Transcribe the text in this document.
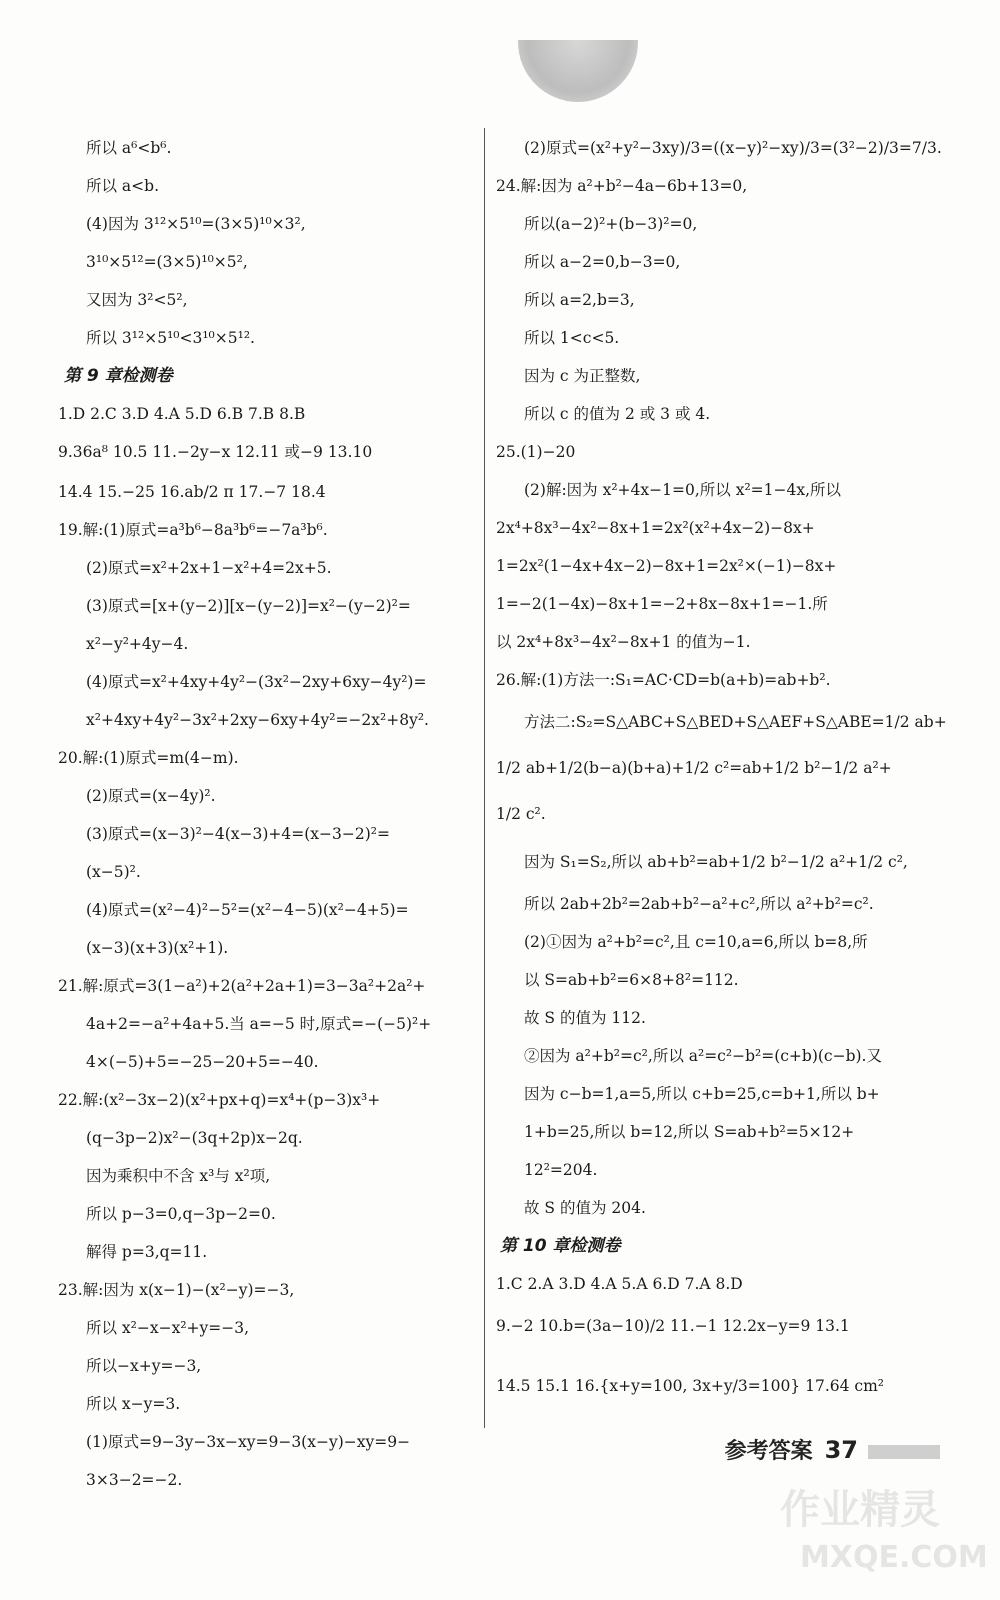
所以 a⁶<b⁶.
所以 a<b.
(4)因为 3¹²×5¹⁰=(3×5)¹⁰×3²,
3¹⁰×5¹²=(3×5)¹⁰×5²,
又因为 3²<5²,
所以 3¹²×5¹⁰<3¹⁰×5¹².
第 9 章检测卷
1.D 2.C 3.D 4.A 5.D 6.B 7.B 8.B
9.36a⁸ 10.5 11.−2y−x 12.11 或−9 13.10
14.4 15.−25 16.ab/2 π 17.−7 18.4
19.解:(1)原式=a³b⁶−8a³b⁶=−7a³b⁶.
(2)原式=x²+2x+1−x²+4=2x+5.
(3)原式=[x+(y−2)][x−(y−2)]=x²−(y−2)²=
x²−y²+4y−4.
(4)原式=x²+4xy+4y²−(3x²−2xy+6xy−4y²)=
x²+4xy+4y²−3x²+2xy−6xy+4y²=−2x²+8y².
20.解:(1)原式=m(4−m).
(2)原式=(x−4y)².
(3)原式=(x−3)²−4(x−3)+4=(x−3−2)²=
(x−5)².
(4)原式=(x²−4)²−5²=(x²−4−5)(x²−4+5)=
(x−3)(x+3)(x²+1).
21.解:原式=3(1−a²)+2(a²+2a+1)=3−3a²+2a²+
4a+2=−a²+4a+5.当 a=−5 时,原式=−(−5)²+
4×(−5)+5=−25−20+5=−40.
22.解:(x²−3x−2)(x²+px+q)=x⁴+(p−3)x³+
(q−3p−2)x²−(3q+2p)x−2q.
因为乘积中不含 x³与 x²项,
所以 p−3=0,q−3p−2=0.
解得 p=3,q=11.
23.解:因为 x(x−1)−(x²−y)=−3,
所以 x²−x−x²+y=−3,
所以−x+y=−3,
所以 x−y=3.
(1)原式=9−3y−3x−xy=9−3(x−y)−xy=9−
3×3−2=−2.
(2)原式=(x²+y²−3xy)/3=((x−y)²−xy)/3=(3²−2)/3=7/3.
24.解:因为 a²+b²−4a−6b+13=0,
所以(a−2)²+(b−3)²=0,
所以 a−2=0,b−3=0,
所以 a=2,b=3,
所以 1<c<5.
因为 c 为正整数,
所以 c 的值为 2 或 3 或 4.
25.(1)−20
(2)解:因为 x²+4x−1=0,所以 x²=1−4x,所以
2x⁴+8x³−4x²−8x+1=2x²(x²+4x−2)−8x+
1=2x²(1−4x+4x−2)−8x+1=2x²×(−1)−8x+
1=−2(1−4x)−8x+1=−2+8x−8x+1=−1.所
以 2x⁴+8x³−4x²−8x+1 的值为−1.
26.解:(1)方法一:S₁=AC·CD=b(a+b)=ab+b².
方法二:S₂=S△ABC+S△BED+S△AEF+S△ABE=1/2 ab+
1/2 ab+1/2(b−a)(b+a)+1/2 c²=ab+1/2 b²−1/2 a²+
1/2 c².
因为 S₁=S₂,所以 ab+b²=ab+1/2 b²−1/2 a²+1/2 c²,
所以 2ab+2b²=2ab+b²−a²+c²,所以 a²+b²=c².
(2)①因为 a²+b²=c²,且 c=10,a=6,所以 b=8,所
以 S=ab+b²=6×8+8²=112.
故 S 的值为 112.
②因为 a²+b²=c²,所以 a²=c²−b²=(c+b)(c−b).又
因为 c−b=1,a=5,所以 c+b=25,c=b+1,所以 b+
1+b=25,所以 b=12,所以 S=ab+b²=5×12+
12²=204.
故 S 的值为 204.
第 10 章检测卷
1.C 2.A 3.D 4.A 5.A 6.D 7.A 8.D
9.−2 10.b=(3a−10)/2 11.−1 12.2x−y=9 13.1
14.5 15.1 16.{x+y=100, 3x+y/3=100} 17.64 cm²
参考答案 37
作业精灵
MXQE.COM
